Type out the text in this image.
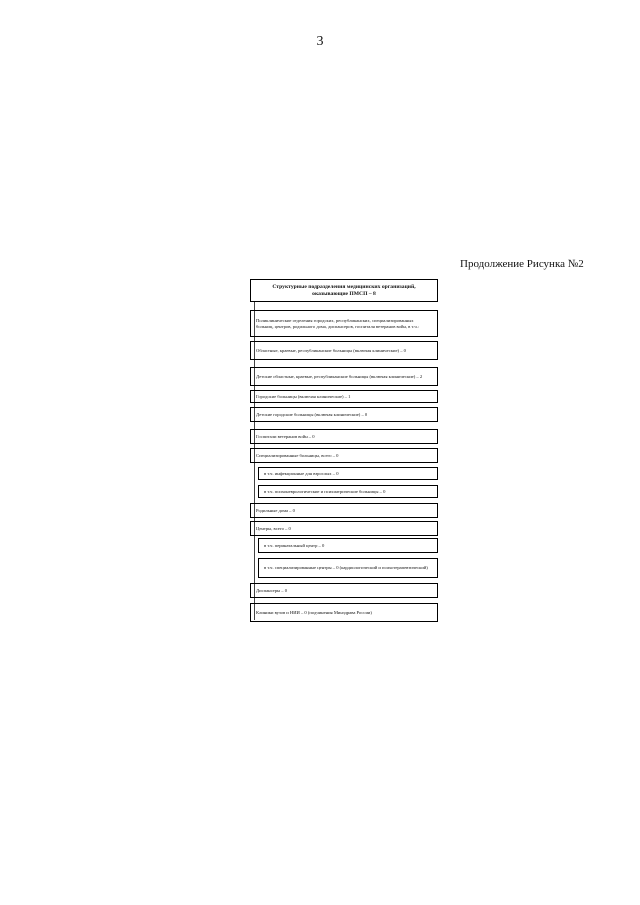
3
Продолжение Рисунка №2
Структурные подразделения медицинских организаций, оказывающие ПМСП – 8
Поликлинические отделения городских, республиканских, специализированных больниц, центров, родильного дома, диспансеров, госпиталя ветеранов войн, в т.ч.:
Областные, краевые, республиканские больницы (включая клинические) – 0
Детские областные, краевые, республиканские больницы (включая клинические) – 2
Городские больницы (включая клинические) – 1
Детские городские больницы (включая клинические) – 0
Госпитали ветеранов войн – 0
Специализированные больницы, всего – 0
в т.ч. инфекционные для взрослых – 0
в т.ч. психоневрологические и психиатрические больницы – 0
Родильные дома – 0
Центры, всего – 0
в т.ч. перинатальный центр – 0
в т.ч. специализированные центры – 0 (кардиологический и психотерапевтический)
Диспансеры – 0
Клиники вузов и НИИ – 0 (подчинения Минздрава России)
